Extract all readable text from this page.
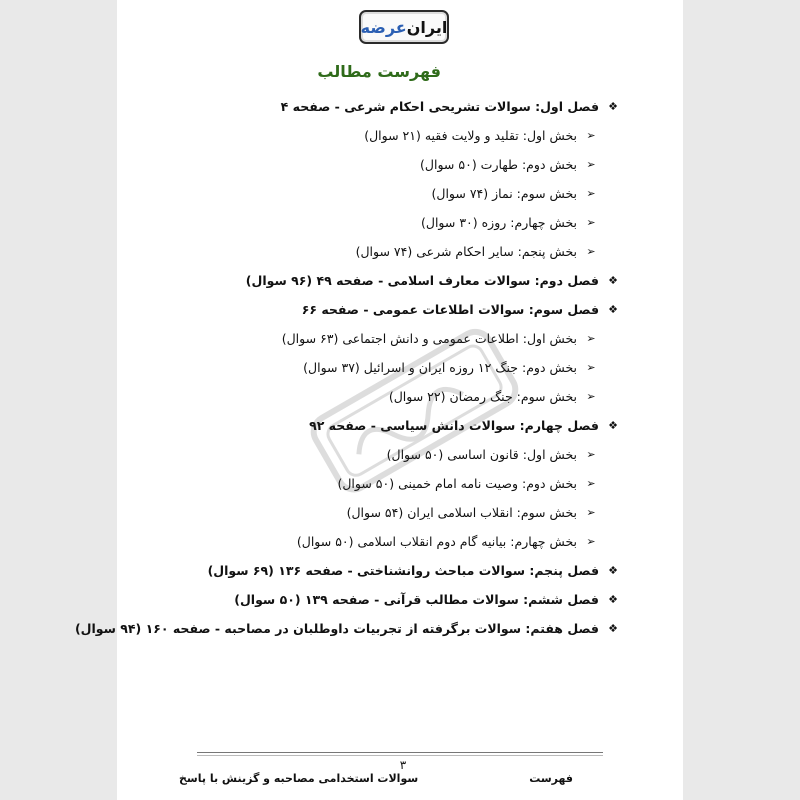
ایران
عرضه
فهرست مطالب
❖
فصل اول: سوالات تشریحی احکام شرعی - صفحه ۴
➢
بخش اول: تقلید و ولایت فقیه (۲۱ سوال)
➢
بخش دوم: طهارت (۵۰ سوال)
➢
بخش سوم: نماز (۷۴ سوال)
➢
بخش چهارم: روزه (۳۰ سوال)
➢
بخش پنجم: سایر احکام شرعی (۷۴ سوال)
❖
فصل دوم: سوالات معارف اسلامی - صفحه ۴۹ (۹۶ سوال)
❖
فصل سوم: سوالات اطلاعات عمومی - صفحه ۶۶
➢
بخش اول: اطلاعات عمومی و دانش اجتماعی (۶۳ سوال)
➢
بخش دوم: جنگ ۱۲ روزه ایران و اسرائیل (۳۷ سوال)
➢
بخش سوم: جنگ رمضان (۲۲ سوال)
❖
فصل چهارم: سوالات دانش سیاسی - صفحه ۹۲
➢
بخش اول: قانون اساسی (۵۰ سوال)
➢
بخش دوم: وصیت نامه امام خمینی (۵۰ سوال)
➢
بخش سوم: انقلاب اسلامی ایران (۵۴ سوال)
➢
بخش چهارم: بیانیه گام دوم انقلاب اسلامی (۵۰ سوال)
❖
فصل پنجم: سوالات مباحث روانشناختی - صفحه ۱۳۶ (۶۹ سوال)
❖
فصل ششم: سوالات مطالب قرآنی - صفحه ۱۳۹ (۵۰ سوال)
❖
فصل هفتم: سوالات برگرفته از تجربیات داوطلبان در مصاحبه - صفحه ۱۶۰ (۹۴ سوال)
۳
سوالات استخدامی مصاحبه و گزینش با پاسخ	فهرست
